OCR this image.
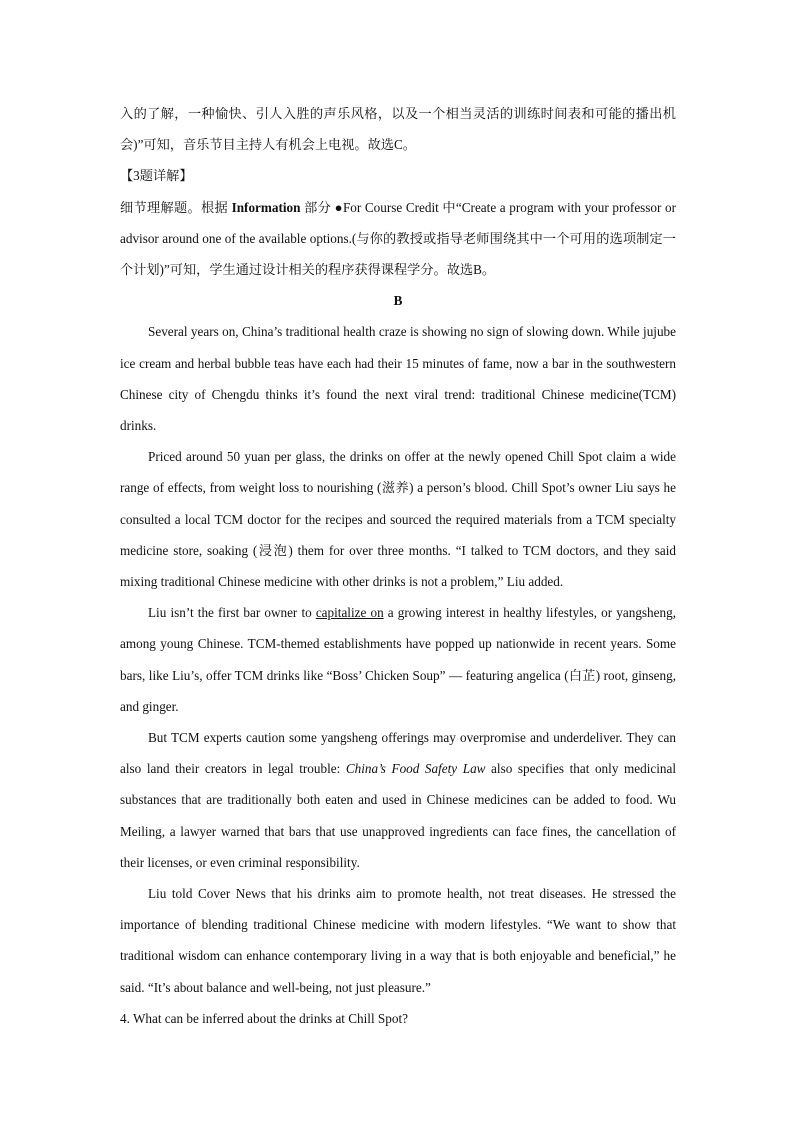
入的了解，一种愉快、引人入胜的声乐风格，以及一个相当灵活的训练时间表和可能的播出机会)”可知，音乐节目主持人有机会上电视。故选C。

【3题详解】

细节理解题。根据 Information 部分 ●For Course Credit 中“Create a program with your professor or advisor around one of the available options.(与你的教授或指导老师围绕其中一个可用的选项制定一个计划)”可知，学生通过设计相关的程序获得课程学分。故选B。

B

Several years on, China’s traditional health craze is showing no sign of slowing down. While jujube ice cream and herbal bubble teas have each had their 15 minutes of fame, now a bar in the southwestern Chinese city of Chengdu thinks it’s found the next viral trend: traditional Chinese medicine(TCM) drinks.

Priced around 50 yuan per glass, the drinks on offer at the newly opened Chill Spot claim a wide range of effects, from weight loss to nourishing (滋养) a person’s blood. Chill Spot’s owner Liu says he consulted a local TCM doctor for the recipes and sourced the required materials from a TCM specialty medicine store, soaking (浸泡) them for over three months. “I talked to TCM doctors, and they said mixing traditional Chinese medicine with other drinks is not a problem,” Liu added.

Liu isn’t the first bar owner to capitalize on a growing interest in healthy lifestyles, or yangsheng, among young Chinese. TCM-themed establishments have popped up nationwide in recent years. Some bars, like Liu’s, offer TCM drinks like “Boss’ Chicken Soup” — featuring angelica (白芷) root, ginseng, and ginger.

But TCM experts caution some yangsheng offerings may overpromise and underdeliver. They can also land their creators in legal trouble: China’s Food Safety Law also specifies that only medicinal substances that are traditionally both eaten and used in Chinese medicines can be added to food. Wu Meiling, a lawyer warned that bars that use unapproved ingredients can face fines, the cancellation of their licenses, or even criminal responsibility.

Liu told Cover News that his drinks aim to promote health, not treat diseases. He stressed the importance of blending traditional Chinese medicine with modern lifestyles. “We want to show that traditional wisdom can enhance contemporary living in a way that is both enjoyable and beneficial,” he said. “It’s about balance and well-being, not just pleasure.”

4. What can be inferred about the drinks at Chill Spot?
